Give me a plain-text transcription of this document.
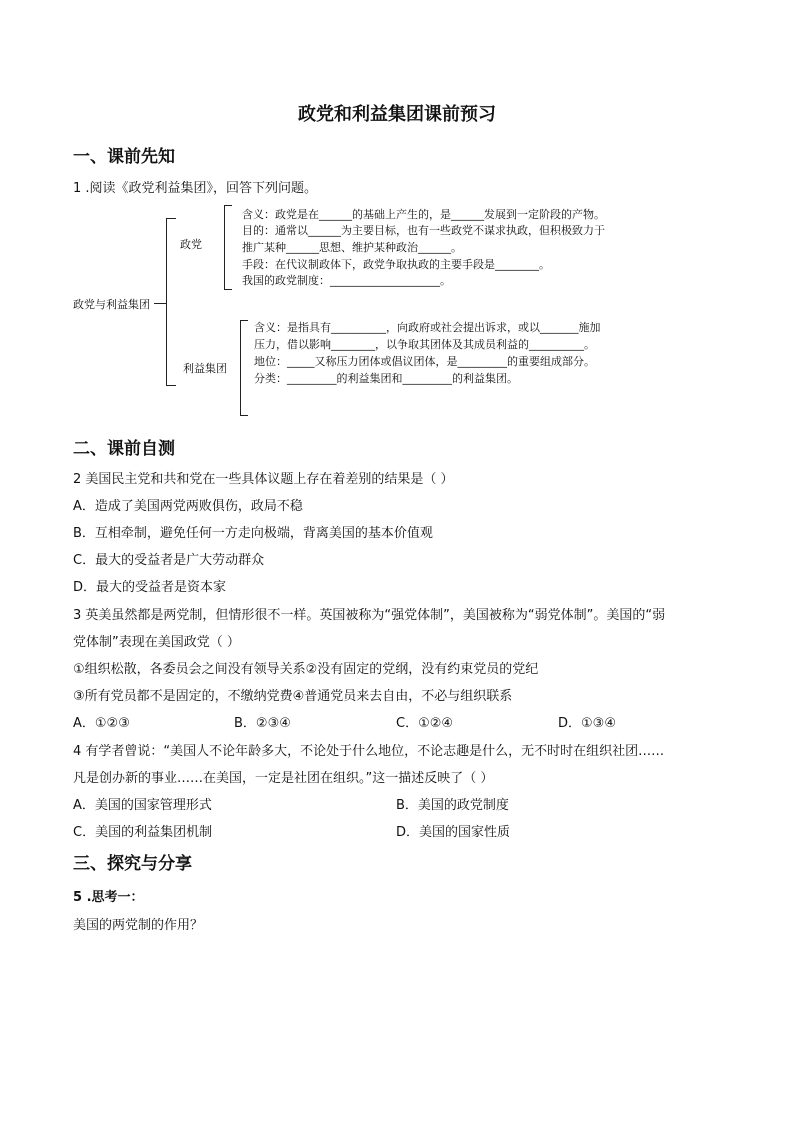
政党和利益集团课前预习
一、课前先知
1 .阅读《政党利益集团》，回答下列问题。
政党与利益集团
政党
含义：政党是在______的基础上产生的，是______发展到一定阶段的产物。
目的：通常以______为主要目标，也有一些政党不谋求执政，但积极致力于
推广某种______思想、维护某种政治______。
手段：在代议制政体下，政党争取执政的主要手段是________。
我国的政党制度：____________________。
利益集团
含义：是指具有__________，向政府或社会提出诉求，或以_______施加
压力，借以影响________，以争取其团体及其成员利益的__________。
地位：_____又称压力团体或倡议团体，是_________的重要组成部分。
分类：_________的利益集团和_________的利益集团。
二、课前自测
2 美国民主党和共和党在一些具体议题上存在着差别的结果是（ ）
A．造成了美国两党两败俱伤，政局不稳
B．互相牵制，避免任何一方走向极端，背离美国的基本价值观
C．最大的受益者是广大劳动群众
D．最大的受益者是资本家
3 英美虽然都是两党制，但情形很不一样。英国被称为“强党体制”，美国被称为“弱党体制”。美国的“弱
党体制”表现在美国政党（ ）
①组织松散，各委员会之间没有领导关系②没有固定的党纲，没有约束党员的党纪
③所有党员都不是固定的，不缴纳党费④普通党员来去自由，不必与组织联系
A．①②③	B．②③④	C．①②④	D．①③④
4 有学者曾说：“美国人不论年龄多大，不论处于什么地位，不论志趣是什么，无不时时在组织社团……
凡是创办新的事业……在美国，一定是社团在组织。”这一描述反映了（ ）
A．美国的国家管理形式	B．美国的政党制度
C．美国的利益集团机制	D．美国的国家性质
三、探究与分享
5 .思考一：
美国的两党制的作用？
